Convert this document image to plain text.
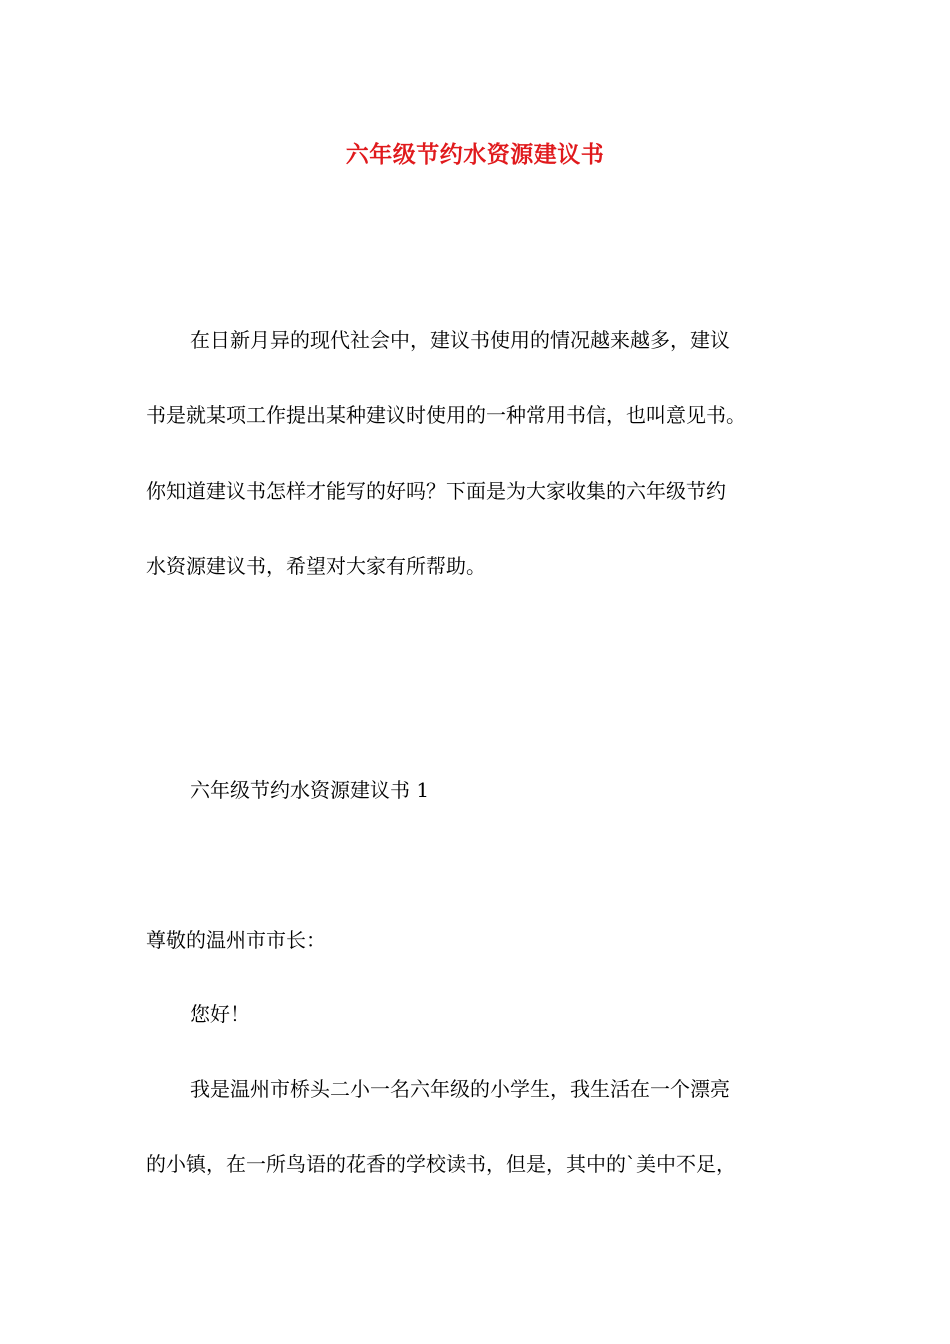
六年级节约水资源建议书

在日新月异的现代社会中，建议书使用的情况越来越多，建议

书是就某项工作提出某种建议时使用的一种常用书信，也叫意见书。

你知道建议书怎样才能写的好吗？下面是为大家收集的六年级节约

水资源建议书，希望对大家有所帮助。

六年级节约水资源建议书 1

尊敬的温州市市长：

您好！

我是温州市桥头二小一名六年级的小学生，我生活在一个漂亮

的小镇，在一所鸟语的花香的学校读书，但是，其中的`美中不足，
